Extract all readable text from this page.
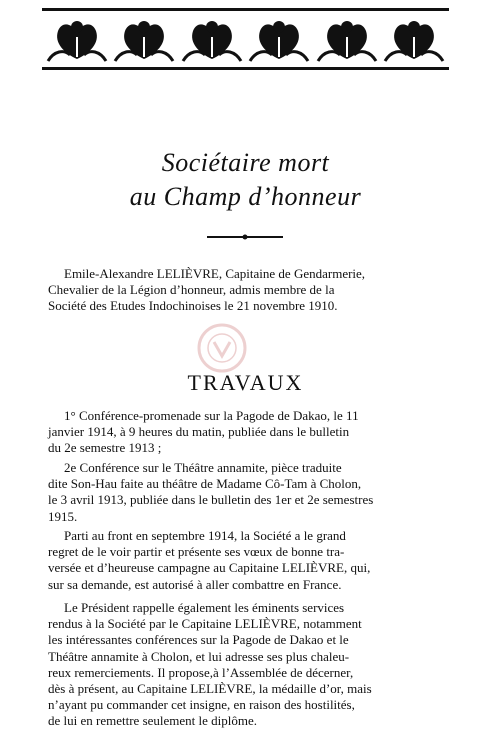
Sociétaire mort
au Champ d’honneur
Emile-Alexandre LELIÈVRE, Capitaine de Gendarmerie,
Chevalier de la Légion d’honneur, admis membre de la
Société des Etudes Indochinoises le 21 novembre 1910.
TRAVAUX
1° Conférence-promenade sur la Pagode de Dakao, le 11
janvier 1914, à 9 heures du matin, publiée dans le bulletin
du 2e semestre 1913 ;
2e Conférence sur le Théâtre annamite, pièce traduite
dite Son-Hau faite au théâtre de Madame Cô-Tam à Cholon,
le 3 avril 1913, publiée dans le bulletin des 1er et 2e semestres
1915.
Parti au front en septembre 1914, la Société a le grand
regret de le voir partir et présente ses vœux de bonne tra-
versée et d’heureuse campagne au Capitaine LELIÈVRE, qui,
sur sa demande, est autorisé à aller combattre en France.
Le Président rappelle également les éminents services
rendus à la Société par le Capitaine LELIÈVRE, notamment
les intéressantes conférences sur la Pagode de Dakao et le
Théâtre annamite à Cholon, et lui adresse ses plus chaleu-
reux remerciements. Il propose,à l’Assemblée de décerner,
dès à présent, au Capitaine LELIÈVRE, la médaille d’or, mais
n’ayant pu commander cet insigne, en raison des hostilités,
de lui en remettre seulement le diplôme.
